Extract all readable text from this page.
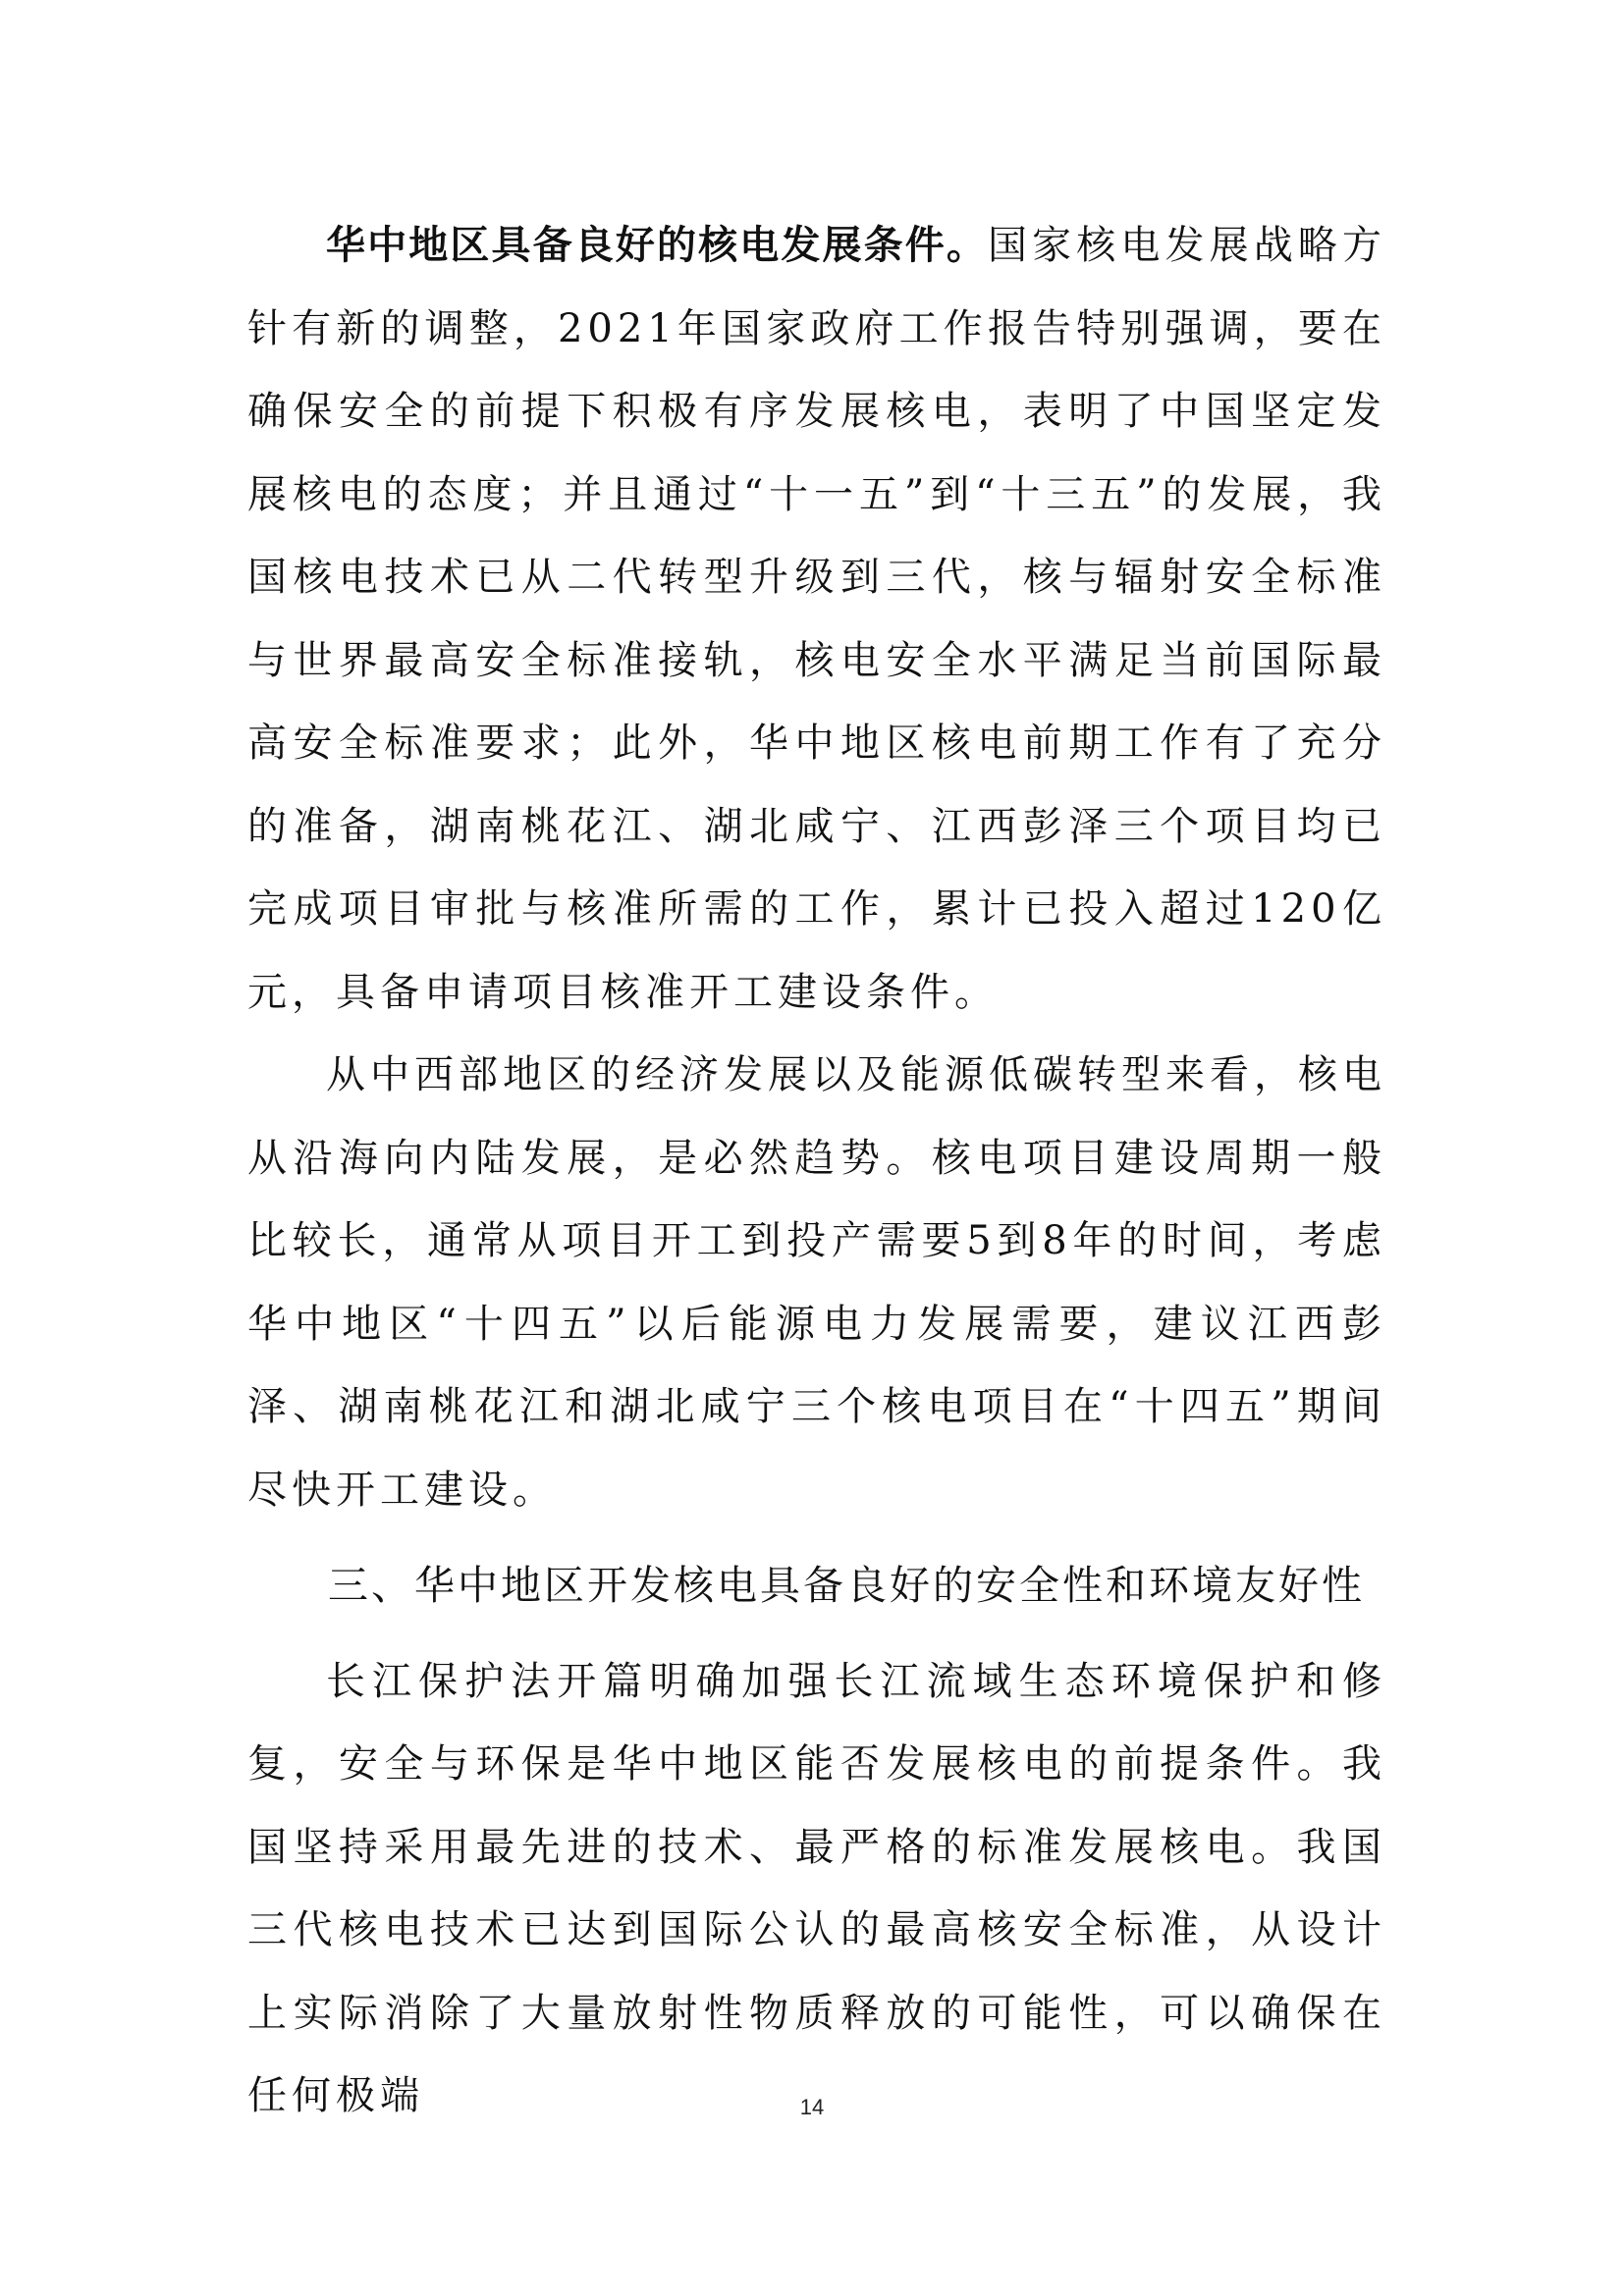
华中地区具备良好的核电发展条件。国家核电发展战略方针有新的调整，2021年国家政府工作报告特别强调，要在确保安全的前提下积极有序发展核电，表明了中国坚定发展核电的态度；并且通过“十一五”到“十三五”的发展，我国核电技术已从二代转型升级到三代，核与辐射安全标准与世界最高安全标准接轨，核电安全水平满足当前国际最高安全标准要求；此外，华中地区核电前期工作有了充分的准备，湖南桃花江、湖北咸宁、江西彭泽三个项目均已完成项目审批与核准所需的工作，累计已投入超过120亿元，具备申请项目核准开工建设条件。

从中西部地区的经济发展以及能源低碳转型来看，核电从沿海向内陆发展，是必然趋势。核电项目建设周期一般比较长，通常从项目开工到投产需要5到8年的时间，考虑华中地区“十四五”以后能源电力发展需要，建议江西彭泽、湖南桃花江和湖北咸宁三个核电项目在“十四五”期间尽快开工建设。

三、华中地区开发核电具备良好的安全性和环境友好性

长江保护法开篇明确加强长江流域生态环境保护和修复，安全与环保是华中地区能否发展核电的前提条件。我国坚持采用最先进的技术、最严格的标准发展核电。我国三代核电技术已达到国际公认的最高核安全标准，从设计上实际消除了大量放射性物质释放的可能性，可以确保在任何极端	14
